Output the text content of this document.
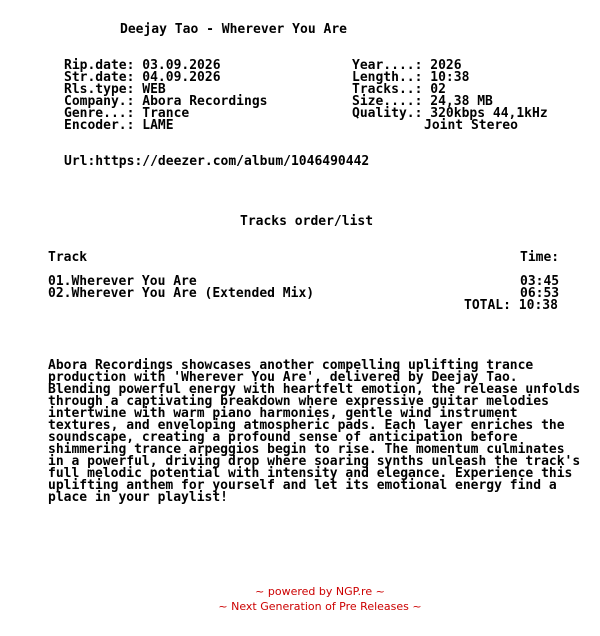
Deejay Tao - Wherever You Are
Rip.date: 03.09.2026
Str.date: 04.09.2026
Rls.type: WEB
Company.: Abora Recordings
Genre...: Trance
Encoder.: LAME
Year....: 2026
Length..: 10:38
Tracks..: 02
Size....: 24,38 MB
Quality.: 320kbps 44,1kHz
Joint Stereo
Url:https://deezer.com/album/1046490442
Tracks order/list
Track	Time:
01.Wherever You Are	03:45
02.Wherever You Are (Extended Mix)	06:53
TOTAL: 10:38
Abora Recordings showcases another compelling uplifting trance
production with 'Wherever You Are', delivered by Deejay Tao.
Blending powerful energy with heartfelt emotion, the release unfolds
through a captivating breakdown where expressive guitar melodies
intertwine with warm piano harmonies, gentle wind instrument
textures, and enveloping atmospheric pads. Each layer enriches the
soundscape, creating a profound sense of anticipation before
shimmering trance arpeggios begin to rise. The momentum culminates
in a powerful, driving drop where soaring synths unleash the track's
full melodic potential with intensity and elegance. Experience this
uplifting anthem for yourself and let its emotional energy find a
place in your playlist!
~ powered by NGP.re ~
~ Next Generation of Pre Releases ~
